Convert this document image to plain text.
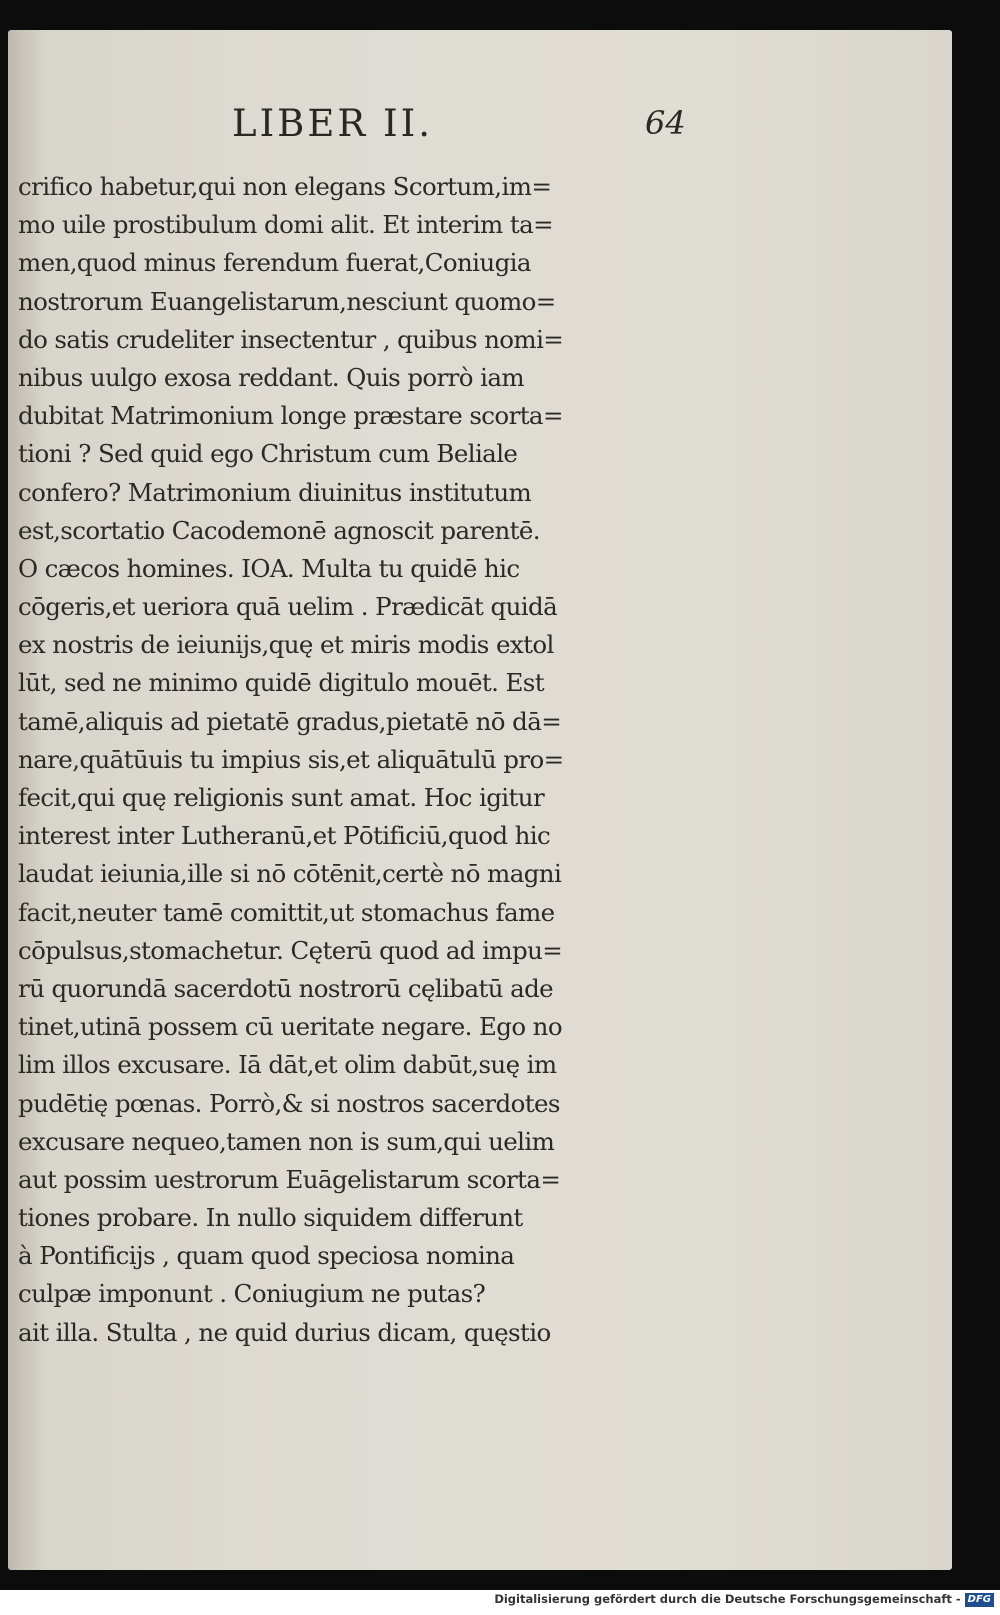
LIBER II.	64
crifico habetur,qui non elegans Scortum,im=
mo uile prostibulum domi alit. Et interim ta=
men,quod minus ferendum fuerat,Coniugia
nostrorum Euangelistarum,nesciunt quomo=
do satis crudeliter insectentur , quibus nomi=
nibus uulgo exosa reddant. Quis porrò iam
dubitat Matrimonium longe præstare scorta=
tioni ? Sed quid ego Christum cum Beliale
confero? Matrimonium diuinitus institutum
est,scortatio Cacodemonē agnoscit parentē.
O cæcos homines. IOA. Multa tu quidē hic
cōgeris,et ueriora quā uelim . Prædicāt quidā
ex nostris de ieiunijs,quę et miris modis extol
lūt, sed ne minimo quidē digitulo mouēt. Est
tamē,aliquis ad pietatē gradus,pietatē nō dā=
nare,quātūuis tu impius sis,et aliquātulū pro=
fecit,qui quę religionis sunt amat. Hoc igitur
interest inter Lutheranū,et Pōtificiū,quod hic
laudat ieiunia,ille si nō cōtēnit,certè nō magni
facit,neuter tamē comittit,ut stomachus fame
cōpulsus,stomachetur. Cęterū quod ad impu=
rū quorundā sacerdotū nostrorū cęlibatū ade
tinet,utinā possem cū ueritate negare. Ego no
lim illos excusare. Iā dāt,et olim dabūt,suę im
pudētię pœnas. Porrò,& si nostros sacerdotes
excusare nequeo,tamen non is sum,qui uelim
aut possim uestrorum Euāgelistarum scorta=
tiones probare. In nullo siquidem differunt
à Pontificijs , quam quod speciosa nomina
culpæ imponunt . Coniugium ne putas?
ait illa. Stulta , ne quid durius dicam, quęstio
Digitalisierung gefördert durch die Deutsche Forschungsgemeinschaft - DFG
